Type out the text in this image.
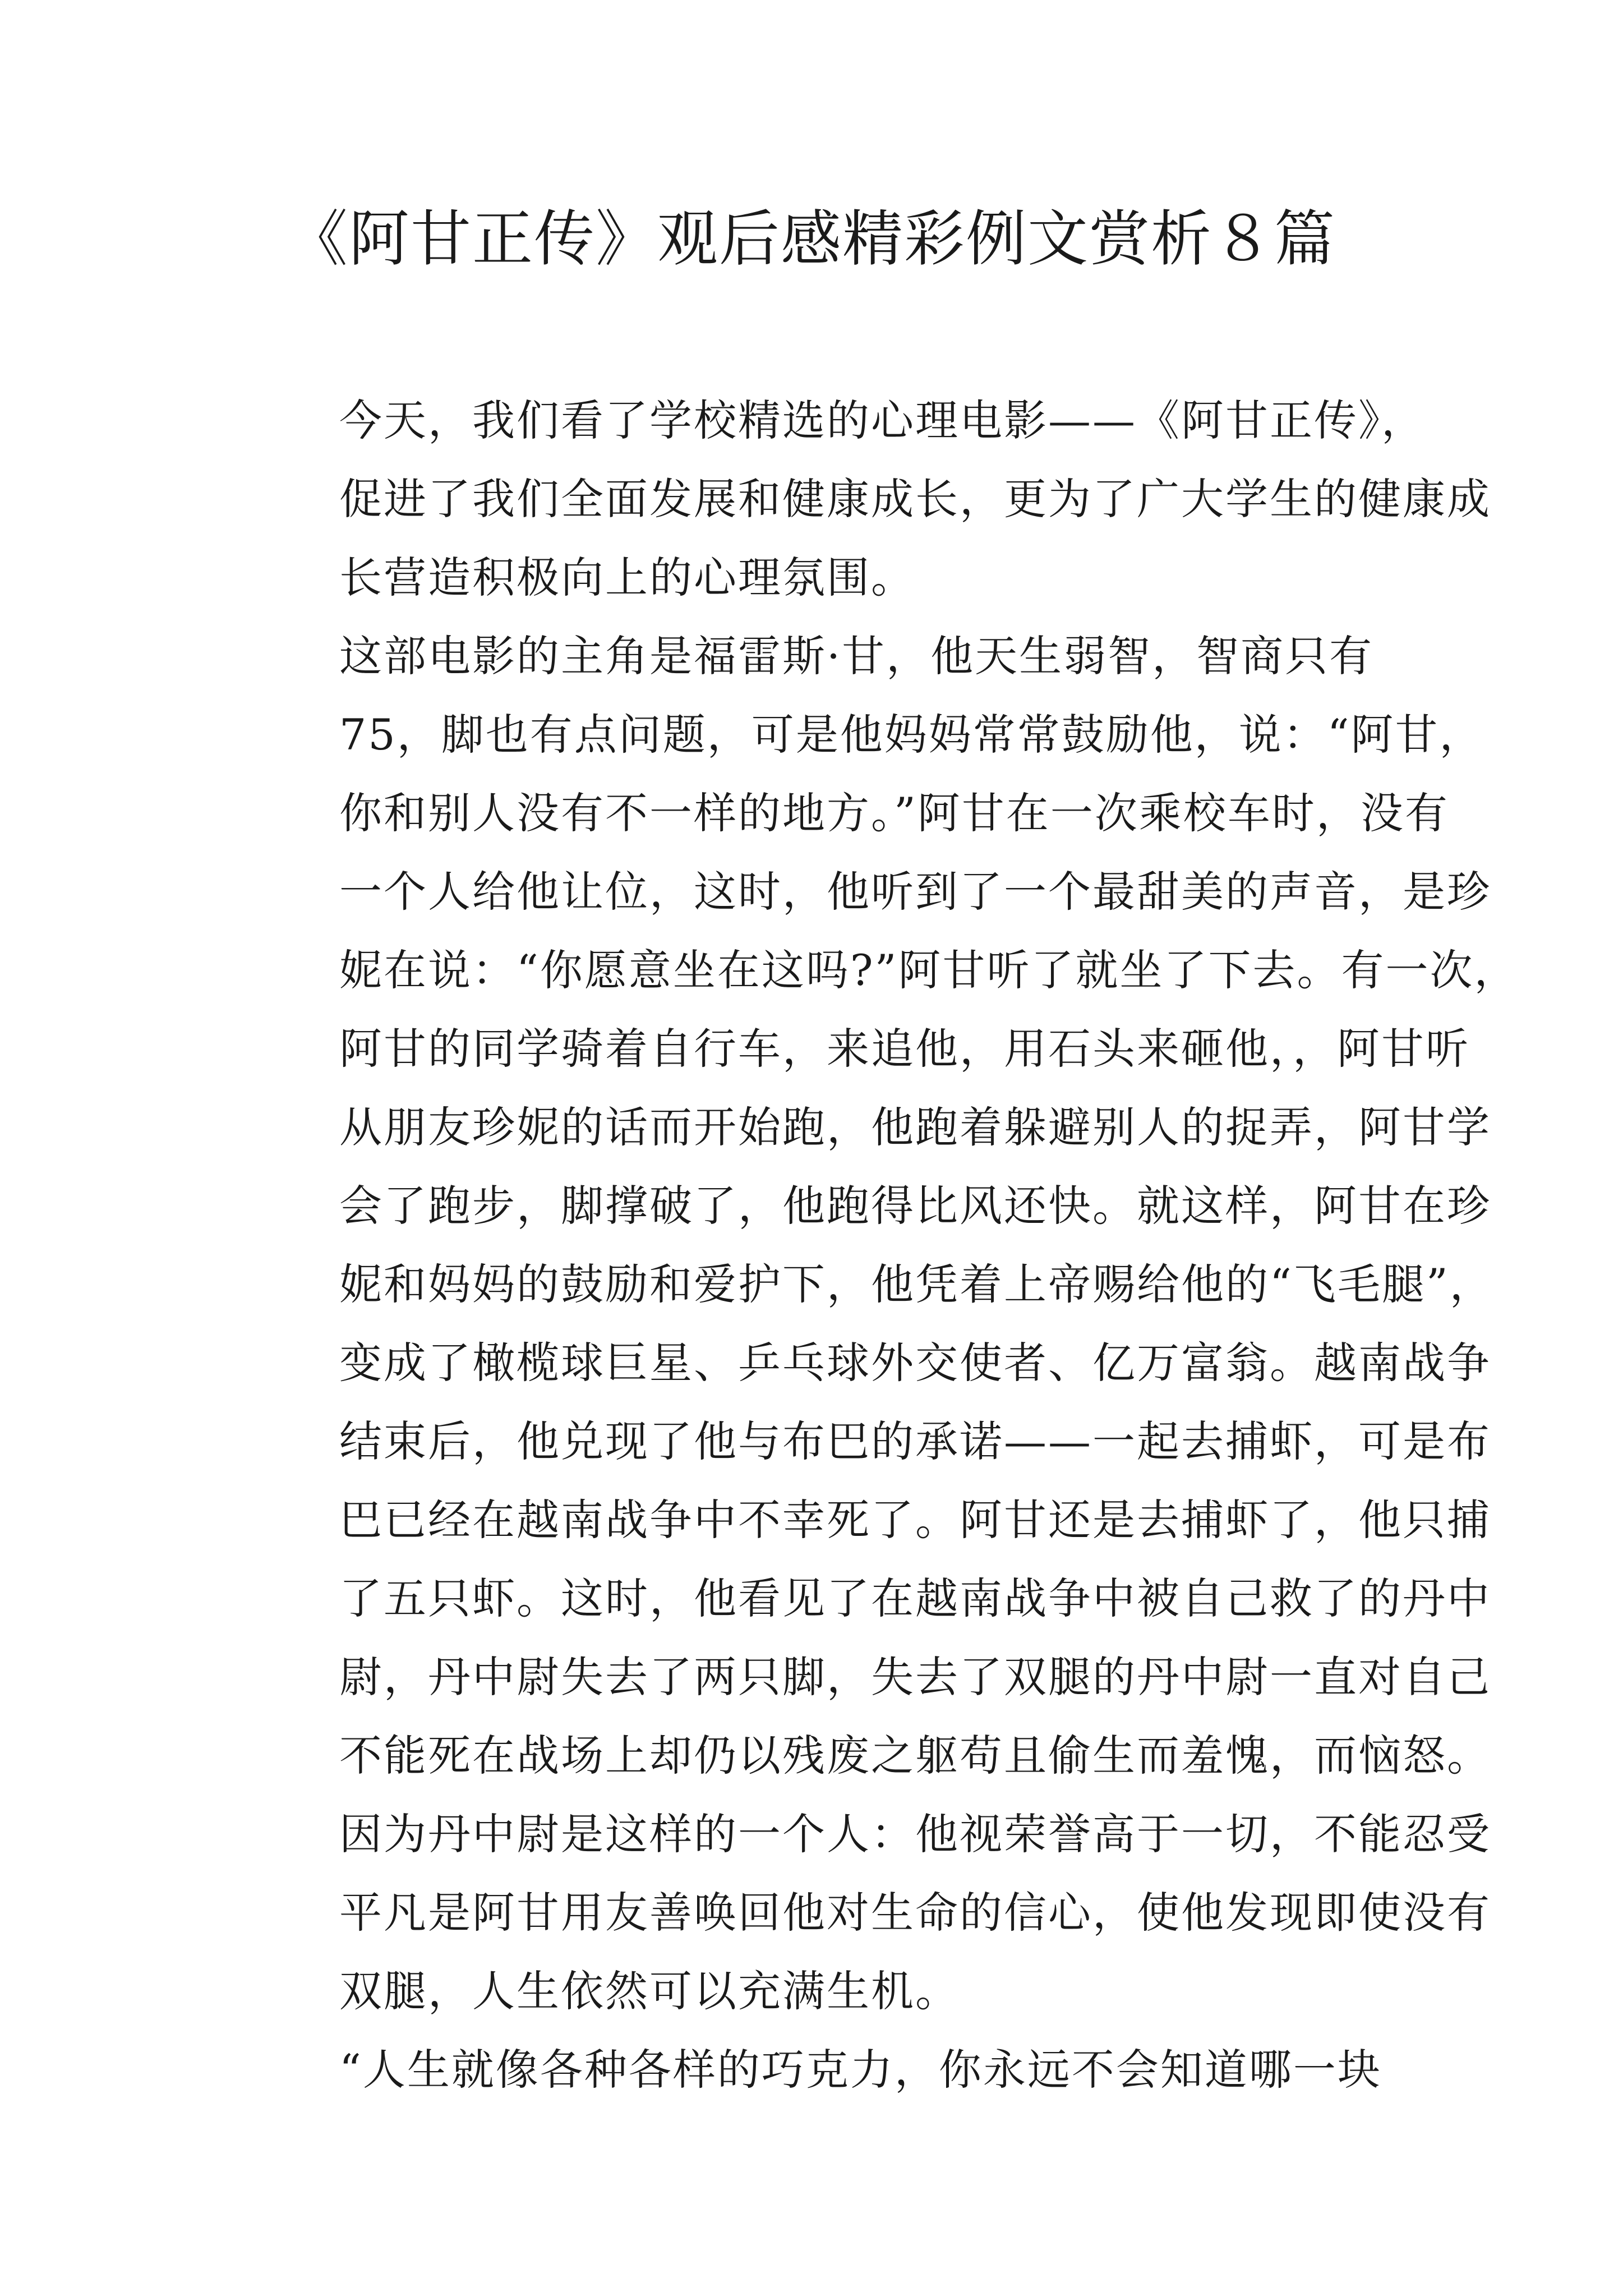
《阿甘正传》观后感精彩例文赏析８篇

今天，我们看了学校精选的心理电影——《阿甘正传》，
促进了我们全面发展和健康成长，更为了广大学生的健康成
长营造积极向上的心理氛围。

这部电影的主角是福雷斯·甘，他天生弱智，智商只有
75，脚也有点问题，可是他妈妈常常鼓励他，说：“阿甘，
你和别人没有不一样的地方。”阿甘在一次乘校车时，没有
一个人给他让位，这时，他听到了一个最甜美的声音，是珍
妮在说：“你愿意坐在这吗?”阿甘听了就坐了下去。有一次，
阿甘的同学骑着自行车，来追他，用石头来砸他，，阿甘听
从朋友珍妮的话而开始跑，他跑着躲避别人的捉弄，阿甘学
会了跑步，脚撑破了，他跑得比风还快。就这样，阿甘在珍
妮和妈妈的鼓励和爱护下，他凭着上帝赐给他的“飞毛腿”，
变成了橄榄球巨星、乒乓球外交使者、亿万富翁。越南战争
结束后，他兑现了他与布巴的承诺——一起去捕虾，可是布
巴已经在越南战争中不幸死了。阿甘还是去捕虾了，他只捕
了五只虾。这时，他看见了在越南战争中被自己救了的丹中
尉，丹中尉失去了两只脚，失去了双腿的丹中尉一直对自己
不能死在战场上却仍以残废之躯苟且偷生而羞愧，而恼怒。
因为丹中尉是这样的一个人：他视荣誉高于一切，不能忍受
平凡是阿甘用友善唤回他对生命的信心，使他发现即使没有
双腿，人生依然可以充满生机。

“人生就像各种各样的巧克力，你永远不会知道哪一块
